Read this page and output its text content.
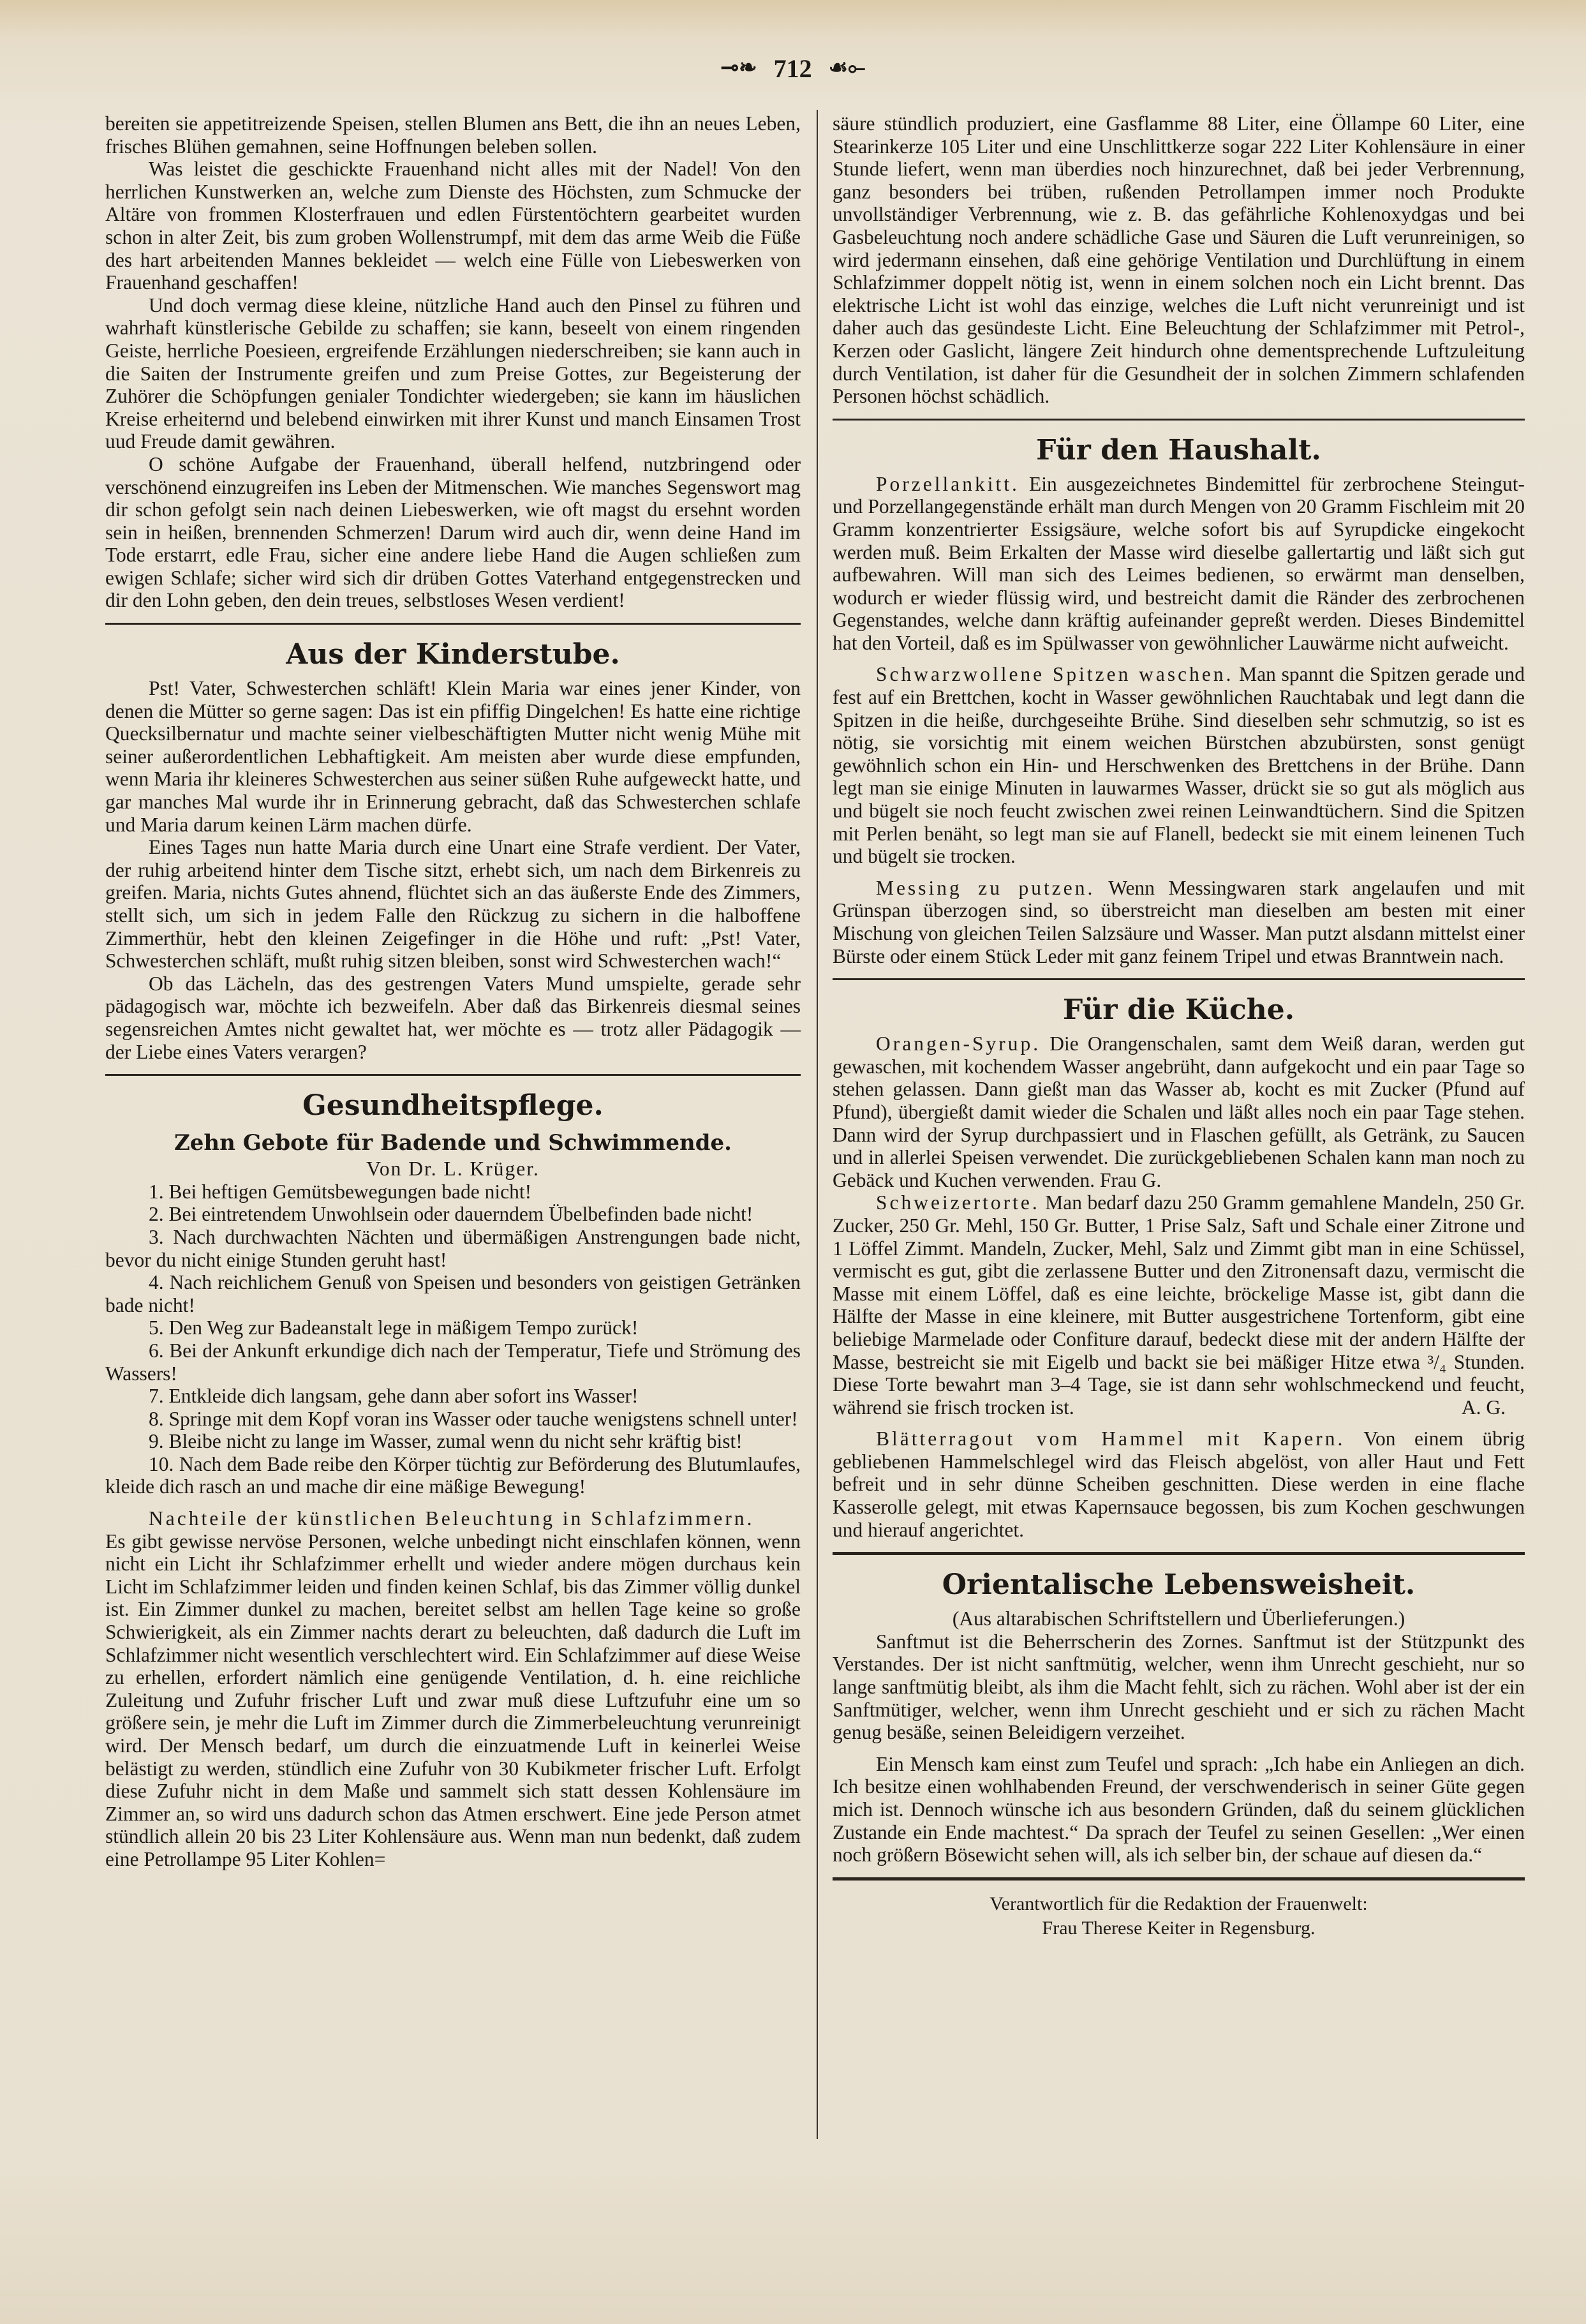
⊸❧ 712 ☙⟜

bereiten sie appetitreizende Speisen, stellen Blumen ans Bett, die ihn an neues Leben, frisches Blühen gemahnen, seine Hoffnungen beleben sollen.

Was leistet die geschickte Frauenhand nicht alles mit der Nadel! Von den herrlichen Kunstwerken an, welche zum Dienste des Höchsten, zum Schmucke der Altäre von frommen Klosterfrauen und edlen Fürstentöchtern gearbeitet wurden schon in alter Zeit, bis zum groben Wollenstrumpf, mit dem das arme Weib die Füße des hart arbeitenden Mannes bekleidet — welch eine Fülle von Liebeswerken von Frauenhand geschaffen!

Und doch vermag diese kleine, nützliche Hand auch den Pinsel zu führen und wahrhaft künstlerische Gebilde zu schaffen; sie kann, beseelt von einem ringenden Geiste, herrliche Poesieen, ergreifende Erzählungen niederschreiben; sie kann auch in die Saiten der Instrumente greifen und zum Preise Gottes, zur Begeisterung der Zuhörer die Schöpfungen genialer Tondichter wiedergeben; sie kann im häuslichen Kreise erheiternd und belebend einwirken mit ihrer Kunst und manch Einsamen Trost uud Freude damit gewähren.

O schöne Aufgabe der Frauenhand, überall helfend, nutzbringend oder verschönend einzugreifen ins Leben der Mitmenschen. Wie manches Segenswort mag dir schon gefolgt sein nach deinen Liebeswerken, wie oft magst du ersehnt worden sein in heißen, brennenden Schmerzen! Darum wird auch dir, wenn deine Hand im Tode erstarrt, edle Frau, sicher eine andere liebe Hand die Augen schließen zum ewigen Schlafe; sicher wird sich dir drüben Gottes Vaterhand entgegenstrecken und dir den Lohn geben, den dein treues, selbstloses Wesen verdient!

Aus der Kinderstube.

Pst! Vater, Schwesterchen schläft! Klein Maria war eines jener Kinder, von denen die Mütter so gerne sagen: Das ist ein pfiffig Dingelchen! Es hatte eine richtige Quecksilbernatur und machte seiner vielbeschäftigten Mutter nicht wenig Mühe mit seiner außerordentlichen Lebhaftigkeit. Am meisten aber wurde diese empfunden, wenn Maria ihr kleineres Schwesterchen aus seiner süßen Ruhe aufgeweckt hatte, und gar manches Mal wurde ihr in Erinnerung gebracht, daß das Schwesterchen schlafe und Maria darum keinen Lärm machen dürfe.

Eines Tages nun hatte Maria durch eine Unart eine Strafe verdient. Der Vater, der ruhig arbeitend hinter dem Tische sitzt, erhebt sich, um nach dem Birkenreis zu greifen. Maria, nichts Gutes ahnend, flüchtet sich an das äußerste Ende des Zimmers, stellt sich, um sich in jedem Falle den Rückzug zu sichern in die halboffene Zimmerthür, hebt den kleinen Zeigefinger in die Höhe und ruft: „Pst! Vater, Schwesterchen schläft, mußt ruhig sitzen bleiben, sonst wird Schwesterchen wach!“

Ob das Lächeln, das des gestrengen Vaters Mund umspielte, gerade sehr pädagogisch war, möchte ich bezweifeln. Aber daß das Birkenreis diesmal seines segensreichen Amtes nicht gewaltet hat, wer möchte es — trotz aller Pädagogik — der Liebe eines Vaters verargen?

Gesundheitspflege.
Zehn Gebote für Badende und Schwimmende.

Von Dr. L. Krüger.

1. Bei heftigen Gemütsbewegungen bade nicht!

2. Bei eintretendem Unwohlsein oder dauerndem Übelbefinden bade nicht!

3. Nach durchwachten Nächten und übermäßigen Anstrengungen bade nicht, bevor du nicht einige Stunden geruht hast!

4. Nach reichlichem Genuß von Speisen und besonders von geistigen Getränken bade nicht!

5. Den Weg zur Badeanstalt lege in mäßigem Tempo zurück!

6. Bei der Ankunft erkundige dich nach der Temperatur, Tiefe und Strömung des Wassers!

7. Entkleide dich langsam, gehe dann aber sofort ins Wasser!

8. Springe mit dem Kopf voran ins Wasser oder tauche wenigstens schnell unter!

9. Bleibe nicht zu lange im Wasser, zumal wenn du nicht sehr kräftig bist!

10. Nach dem Bade reibe den Körper tüchtig zur Beförderung des Blutumlaufes, kleide dich rasch an und mache dir eine mäßige Bewegung!

Nachteile der künstlichen Beleuchtung in Schlafzimmern.

Es gibt gewisse nervöse Personen, welche unbedingt nicht einschlafen können, wenn nicht ein Licht ihr Schlafzimmer erhellt und wieder andere mögen durchaus kein Licht im Schlafzimmer leiden und finden keinen Schlaf, bis das Zimmer völlig dunkel ist. Ein Zimmer dunkel zu machen, bereitet selbst am hellen Tage keine so große Schwierigkeit, als ein Zimmer nachts derart zu beleuchten, daß dadurch die Luft im Schlafzimmer nicht wesentlich verschlechtert wird. Ein Schlafzimmer auf diese Weise zu erhellen, erfordert nämlich eine genügende Ventilation, d. h. eine reichliche Zuleitung und Zufuhr frischer Luft und zwar muß diese Luftzufuhr eine um so größere sein, je mehr die Luft im Zimmer durch die Zimmerbeleuchtung verunreinigt wird. Der Mensch bedarf, um durch die einzuatmende Luft in keinerlei Weise belästigt zu werden, stündlich eine Zufuhr von 30 Kubikmeter frischer Luft. Erfolgt diese Zufuhr nicht in dem Maße und sammelt sich statt dessen Kohlensäure im Zimmer an, so wird uns dadurch schon das Atmen erschwert. Eine jede Person atmet stündlich allein 20 bis 23 Liter Kohlensäure aus. Wenn man nun bedenkt, daß zudem eine Petrollampe 95 Liter Kohlen=

säure stündlich produziert, eine Gasflamme 88 Liter, eine Öllampe 60 Liter, eine Stearinkerze 105 Liter und eine Unschlittkerze sogar 222 Liter Kohlensäure in einer Stunde liefert, wenn man überdies noch hinzurechnet, daß bei jeder Verbrennung, ganz besonders bei trüben, rußenden Petrollampen immer noch Produkte unvollständiger Verbrennung, wie z. B. das gefährliche Kohlenoxydgas und bei Gasbeleuchtung noch andere schädliche Gase und Säuren die Luft verunreinigen, so wird jedermann einsehen, daß eine gehörige Ventilation und Durchlüftung in einem Schlafzimmer doppelt nötig ist, wenn in einem solchen noch ein Licht brennt. Das elektrische Licht ist wohl das einzige, welches die Luft nicht verunreinigt und ist daher auch das gesündeste Licht. Eine Beleuchtung der Schlafzimmer mit Petrol-, Kerzen oder Gaslicht, längere Zeit hindurch ohne dementsprechende Luftzuleitung durch Ventilation, ist daher für die Gesundheit der in solchen Zimmern schlafenden Personen höchst schädlich.

Für den Haushalt.

Porzellankitt. Ein ausgezeichnetes Bindemittel für zerbrochene Steingut- und Porzellangegenstände erhält man durch Mengen von 20 Gramm Fischleim mit 20 Gramm konzentrierter Essigsäure, welche sofort bis auf Syrupdicke eingekocht werden muß. Beim Erkalten der Masse wird dieselbe gallertartig und läßt sich gut aufbewahren. Will man sich des Leimes bedienen, so erwärmt man denselben, wodurch er wieder flüssig wird, und bestreicht damit die Ränder des zerbrochenen Gegenstandes, welche dann kräftig aufeinander gepreßt werden. Dieses Bindemittel hat den Vorteil, daß es im Spülwasser von gewöhnlicher Lauwärme nicht aufweicht.

Schwarzwollene Spitzen waschen. Man spannt die Spitzen gerade und fest auf ein Brettchen, kocht in Wasser gewöhnlichen Rauchtabak und legt dann die Spitzen in die heiße, durchgeseihte Brühe. Sind dieselben sehr schmutzig, so ist es nötig, sie vorsichtig mit einem weichen Bürstchen abzubürsten, sonst genügt gewöhnlich schon ein Hin- und Herschwenken des Brettchens in der Brühe. Dann legt man sie einige Minuten in lauwarmes Wasser, drückt sie so gut als möglich aus und bügelt sie noch feucht zwischen zwei reinen Leinwandtüchern. Sind die Spitzen mit Perlen benäht, so legt man sie auf Flanell, bedeckt sie mit einem leinenen Tuch und bügelt sie trocken.

Messing zu putzen. Wenn Messingwaren stark angelaufen und mit Grünspan überzogen sind, so überstreicht man dieselben am besten mit einer Mischung von gleichen Teilen Salzsäure und Wasser. Man putzt alsdann mittelst einer Bürste oder einem Stück Leder mit ganz feinem Tripel und etwas Branntwein nach.

Für die Küche.

Orangen-Syrup. Die Orangenschalen, samt dem Weiß daran, werden gut gewaschen, mit kochendem Wasser angebrüht, dann aufgekocht und ein paar Tage so stehen gelassen. Dann gießt man das Wasser ab, kocht es mit Zucker (Pfund auf Pfund), übergießt damit wieder die Schalen und läßt alles noch ein paar Tage stehen. Dann wird der Syrup durchpassiert und in Flaschen gefüllt, als Getränk, zu Saucen und in allerlei Speisen verwendet. Die zurückgebliebenen Schalen kann man noch zu Gebäck und Kuchen verwenden. Frau G.

Schweizertorte. Man bedarf dazu 250 Gramm gemahlene Mandeln, 250 Gr. Zucker, 250 Gr. Mehl, 150 Gr. Butter, 1 Prise Salz, Saft und Schale einer Zitrone und 1 Löffel Zimmt. Mandeln, Zucker, Mehl, Salz und Zimmt gibt man in eine Schüssel, vermischt es gut, gibt die zerlassene Butter und den Zitronensaft dazu, vermischt die Masse mit einem Löffel, daß es eine leichte, bröckelige Masse ist, gibt dann die Hälfte der Masse in eine kleinere, mit Butter ausgestrichene Tortenform, gibt eine beliebige Marmelade oder Confiture darauf, bedeckt diese mit der andern Hälfte der Masse, bestreicht sie mit Eigelb und backt sie bei mäßiger Hitze etwa ³/₄ Stunden. Diese Torte bewahrt man 3–4 Tage, sie ist dann sehr wohlschmeckend und feucht, während sie frisch trocken ist.	A. G.

Blätterragout vom Hammel mit Kapern. Von einem übrig gebliebenen Hammelschlegel wird das Fleisch abgelöst, von aller Haut und Fett befreit und in sehr dünne Scheiben geschnitten. Diese werden in eine flache Kasserolle gelegt, mit etwas Kapernsauce begossen, bis zum Kochen geschwungen und hierauf angerichtet.

Orientalische Lebensweisheit.

(Aus altarabischen Schriftstellern und Überlieferungen.)

Sanftmut ist die Beherrscherin des Zornes. Sanftmut ist der Stützpunkt des Verstandes. Der ist nicht sanftmütig, welcher, wenn ihm Unrecht geschieht, nur so lange sanftmütig bleibt, als ihm die Macht fehlt, sich zu rächen. Wohl aber ist der ein Sanftmütiger, welcher, wenn ihm Unrecht geschieht und er sich zu rächen Macht genug besäße, seinen Beleidigern verzeihet.

Ein Mensch kam einst zum Teufel und sprach: „Ich habe ein Anliegen an dich. Ich besitze einen wohlhabenden Freund, der verschwenderisch in seiner Güte gegen mich ist. Dennoch wünsche ich aus besondern Gründen, daß du seinem glücklichen Zustande ein Ende machtest.“ Da sprach der Teufel zu seinen Gesellen: „Wer einen noch größern Bösewicht sehen will, als ich selber bin, der schaue auf diesen da.“

Verantwortlich für die Redaktion der Frauenwelt:
Frau Therese Keiter in Regensburg.
